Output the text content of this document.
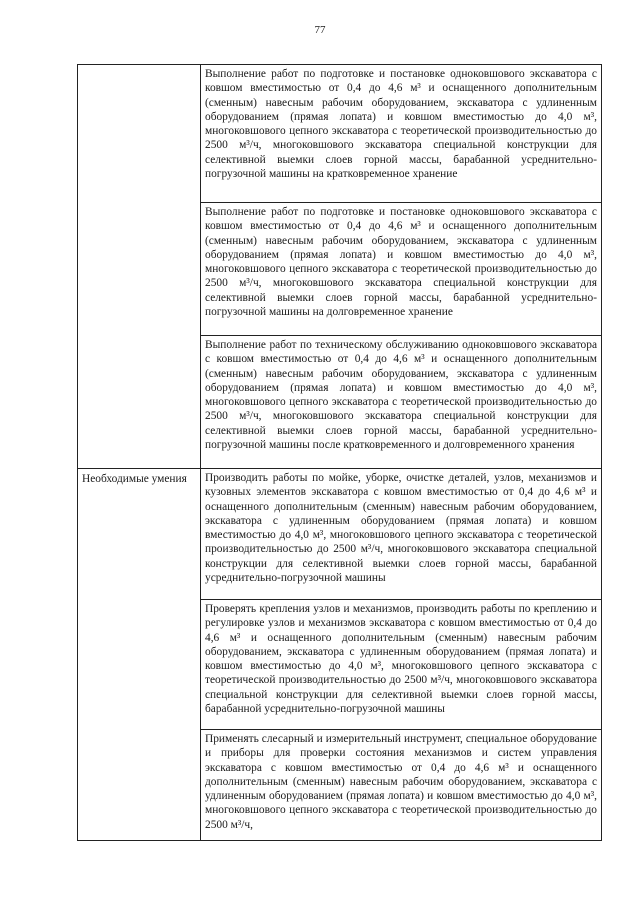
77

	Выполнение работ по подготовке и постановке одноковшового экскаватора с ковшом вместимостью от 0,4 до 4,6 м³ и оснащенного дополнительным (сменным) навесным рабочим оборудованием, экскаватора с удлиненным оборудованием (прямая лопата) и ковшом вместимостью до 4,0 м³, многоковшового цепного экскаватора с теоретической производительностью до 2500 м³/ч, многоковшового экскаватора специальной конструкции для селективной выемки слоев горной массы, барабанной усреднительно-погрузочной машины на кратковременное хранение

	Выполнение работ по подготовке и постановке одноковшового экскаватора с ковшом вместимостью от 0,4 до 4,6 м³ и оснащенного дополнительным (сменным) навесным рабочим оборудованием, экскаватора с удлиненным оборудованием (прямая лопата) и ковшом вместимостью до 4,0 м³, многоковшового цепного экскаватора с теоретической производительностью до 2500 м³/ч, многоковшового экскаватора специальной конструкции для селективной выемки слоев горной массы, барабанной усреднительно-погрузочной машины на долговременное хранение

	Выполнение работ по техническому обслуживанию одноковшового экскаватора с ковшом вместимостью от 0,4 до 4,6 м³ и оснащенного дополнительным (сменным) навесным рабочим оборудованием, экскаватора с удлиненным оборудованием (прямая лопата) и ковшом вместимостью до 4,0 м³, многоковшового цепного экскаватора с теоретической производительностью до 2500 м³/ч, многоковшового экскаватора специальной конструкции для селективной выемки слоев горной массы, барабанной усреднительно-погрузочной машины после кратковременного и долговременного хранения

Необходимые умения	Производить работы по мойке, уборке, очистке деталей, узлов, механизмов и кузовных элементов экскаватора с ковшом вместимостью от 0,4 до 4,6 м³ и оснащенного дополнительным (сменным) навесным рабочим оборудованием, экскаватора с удлиненным оборудованием (прямая лопата) и ковшом вместимостью до 4,0 м³, многоковшового цепного экскаватора с теоретической производительностью до 2500 м³/ч, многоковшового экскаватора специальной конструкции для селективной выемки слоев горной массы, барабанной усреднительно-погрузочной машины

	Проверять крепления узлов и механизмов, производить работы по креплению и регулировке узлов и механизмов экскаватора с ковшом вместимостью от 0,4 до 4,6 м³ и оснащенного дополнительным (сменным) навесным рабочим оборудованием, экскаватора с удлиненным оборудованием (прямая лопата) и ковшом вместимостью до 4,0 м³, многоковшового цепного экскаватора с теоретической производительностью до 2500 м³/ч, многоковшового экскаватора специальной конструкции для селективной выемки слоев горной массы, барабанной усреднительно-погрузочной машины

	Применять слесарный и измерительный инструмент, специальное оборудование и приборы для проверки состояния механизмов и систем управления экскаватора с ковшом вместимостью от 0,4 до 4,6 м³ и оснащенного дополнительным (сменным) навесным рабочим оборудованием, экскаватора с удлиненным оборудованием (прямая лопата) и ковшом вместимостью до 4,0 м³, многоковшового цепного экскаватора с теоретической производительностью до 2500 м³/ч,
